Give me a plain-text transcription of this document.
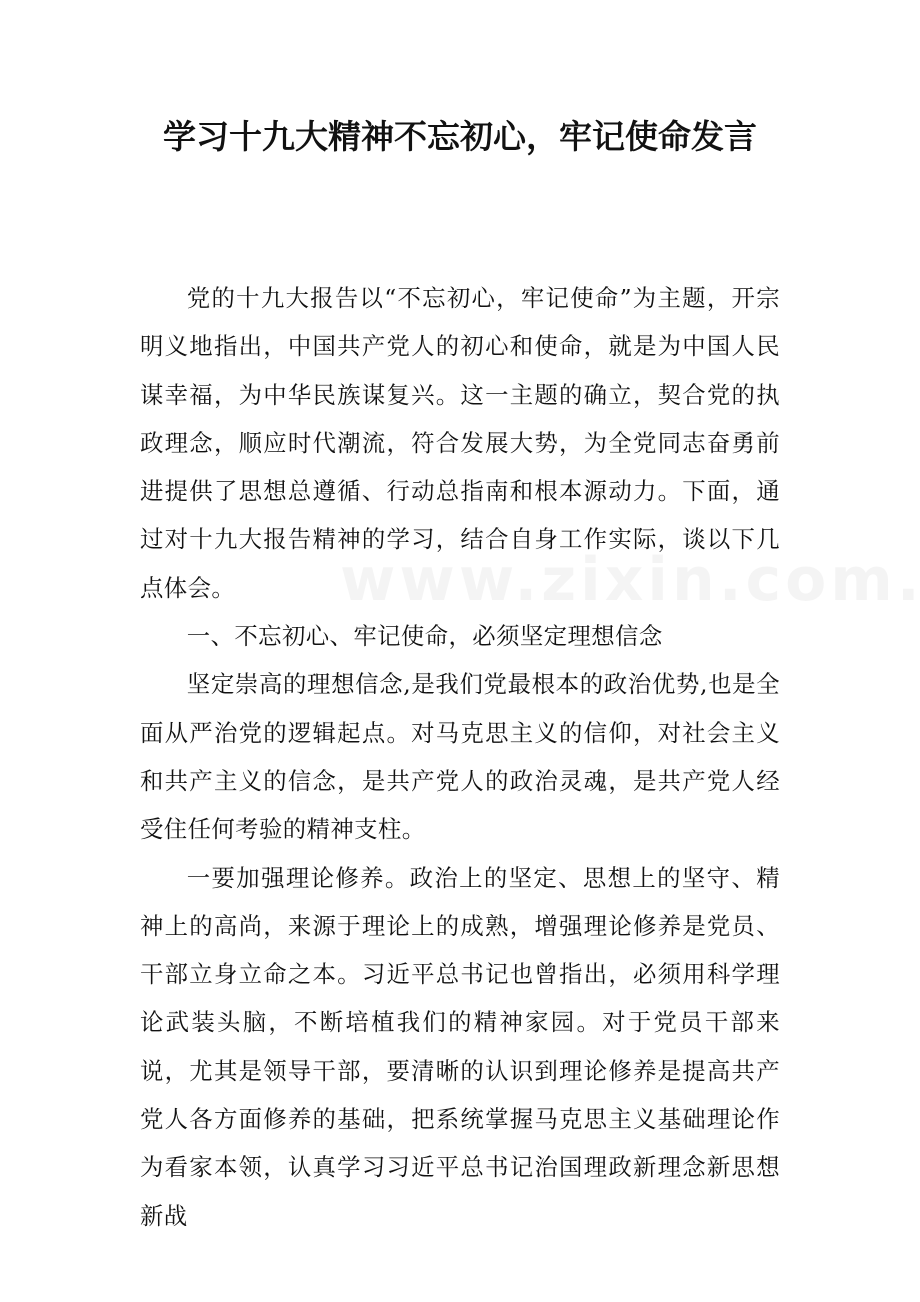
学习十九大精神不忘初心，牢记使命发言

党的十九大报告以“不忘初心，牢记使命”为主题，开宗明义地指出，中国共产党人的初心和使命，就是为中国人民谋幸福，为中华民族谋复兴。这一主题的确立，契合党的执政理念，顺应时代潮流，符合发展大势，为全党同志奋勇前进提供了思想总遵循、行动总指南和根本源动力。下面，通过对十九大报告精神的学习，结合自身工作实际，谈以下几点体会。

一、不忘初心、牢记使命，必须坚定理想信念

坚定崇高的理想信念,是我们党最根本的政治优势,也是全面从严治党的逻辑起点。对马克思主义的信仰，对社会主义和共产主义的信念，是共产党人的政治灵魂，是共产党人经受住任何考验的精神支柱。

一要加强理论修养。政治上的坚定、思想上的坚守、精神上的高尚，来源于理论上的成熟，增强理论修养是党员、干部立身立命之本。习近平总书记也曾指出，必须用科学理论武装头脑，不断培植我们的精神家园。对于党员干部来说，尤其是领导干部，要清晰的认识到理论修养是提高共产党人各方面修养的基础，把系统掌握马克思主义基础理论作为看家本领，认真学习习近平总书记治国理政新理念新思想新战
